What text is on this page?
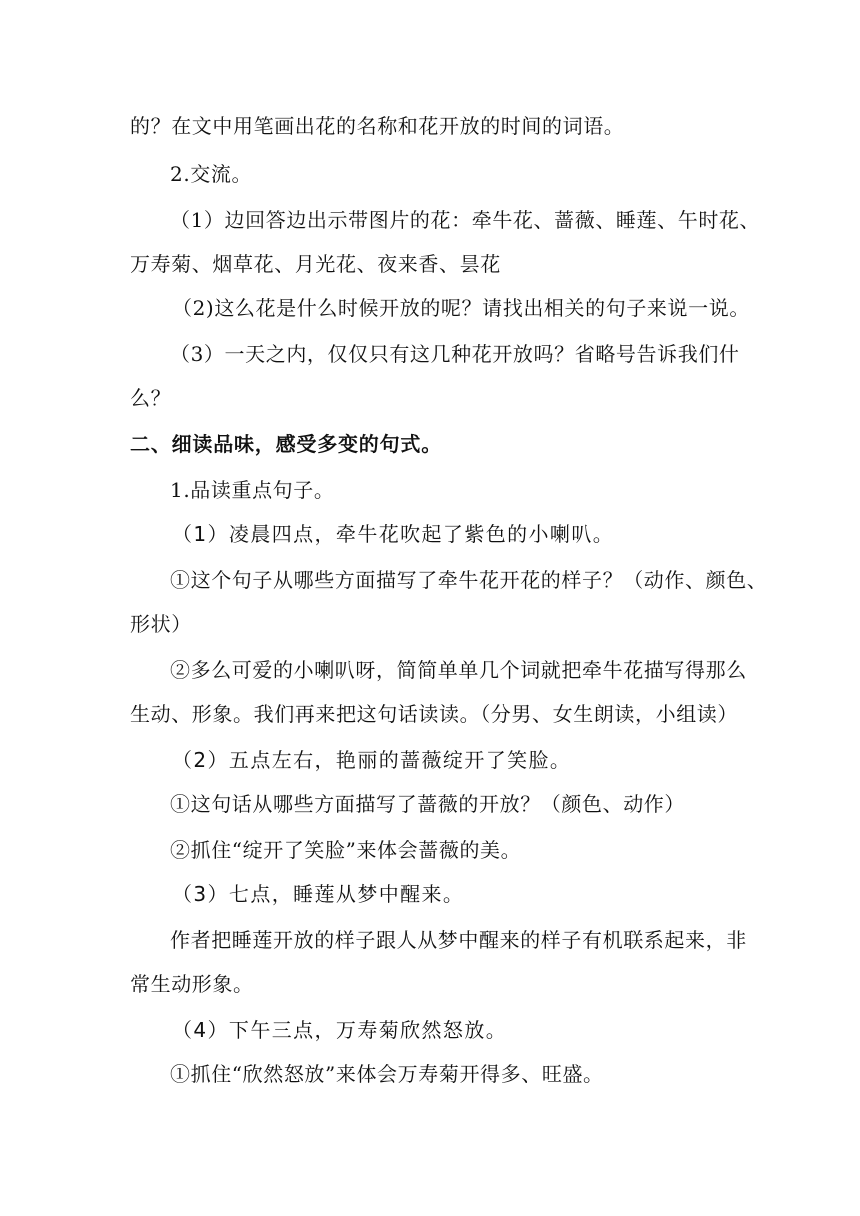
的？在文中用笔画出花的名称和花开放的时间的词语。
2.交流。
（1）边回答边出示带图片的花：牵牛花、蔷薇、睡莲、午时花、
万寿菊、烟草花、月光花、夜来香、昙花
（2)这么花是什么时候开放的呢？请找出相关的句子来说一说。
（3）一天之内，仅仅只有这几种花开放吗？省略号告诉我们什
么？
二、细读品味，感受多变的句式。
1.品读重点句子。
（1）凌晨四点，牵牛花吹起了紫色的小喇叭。
①这个句子从哪些方面描写了牵牛花开花的样子？（动作、颜色、
形状）
②多么可爱的小喇叭呀，简简单单几个词就把牵牛花描写得那么
生动、形象。我们再来把这句话读读。（分男、女生朗读，小组读）
（2）五点左右，艳丽的蔷薇绽开了笑脸。
①这句话从哪些方面描写了蔷薇的开放？（颜色、动作）
②抓住“绽开了笑脸”来体会蔷薇的美。
（3）七点，睡莲从梦中醒来。
作者把睡莲开放的样子跟人从梦中醒来的样子有机联系起来，非
常生动形象。
（4）下午三点，万寿菊欣然怒放。
①抓住“欣然怒放”来体会万寿菊开得多、旺盛。
